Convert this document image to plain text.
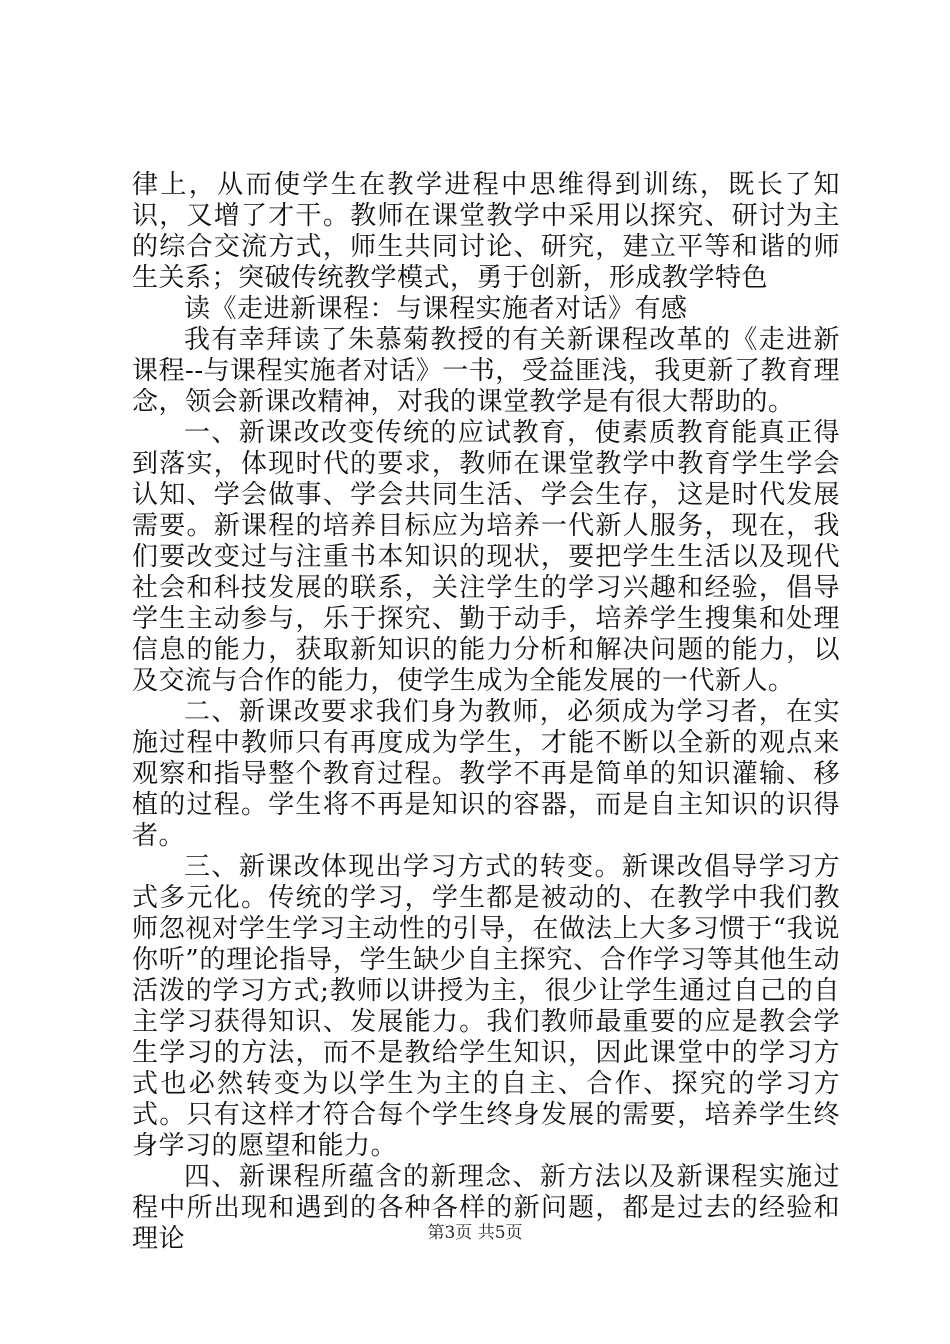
律上，从而使学生在教学进程中思维得到训练，既长了知识，又增了才干。教师在课堂教学中采用以探究、研讨为主的综合交流方式，师生共同讨论、研究，建立平等和谐的师生关系；突破传统教学模式，勇于创新，形成教学特色

读《走进新课程：与课程实施者对话》有感

我有幸拜读了朱慕菊教授的有关新课程改革的《走进新课程--与课程实施者对话》一书，受益匪浅，我更新了教育理念，领会新课改精神，对我的课堂教学是有很大帮助的。

一、新课改改变传统的应试教育，使素质教育能真正得到落实，体现时代的要求，教师在课堂教学中教育学生学会认知、学会做事、学会共同生活、学会生存，这是时代发展需要。新课程的培养目标应为培养一代新人服务，现在，我们要改变过与注重书本知识的现状，要把学生生活以及现代社会和科技发展的联系，关注学生的学习兴趣和经验，倡导学生主动参与，乐于探究、勤于动手，培养学生搜集和处理信息的能力，获取新知识的能力分析和解决问题的能力，以及交流与合作的能力，使学生成为全能发展的一代新人。

二、新课改要求我们身为教师，必须成为学习者，在实施过程中教师只有再度成为学生，才能不断以全新的观点来观察和指导整个教育过程。教学不再是简单的知识灌输、移植的过程。学生将不再是知识的容器，而是自主知识的识得者。

三、新课改体现出学习方式的转变。新课改倡导学习方式多元化。传统的学习，学生都是被动的、在教学中我们教师忽视对学生学习主动性的引导，在做法上大多习惯于“我说你听”的理论指导，学生缺少自主探究、合作学习等其他生动活泼的学习方式;教师以讲授为主，很少让学生通过自己的自主学习获得知识、发展能力。我们教师最重要的应是教会学生学习的方法，而不是教给学生知识，因此课堂中的学习方式也必然转变为以学生为主的自主、合作、探究的学习方式。只有这样才符合每个学生终身发展的需要，培养学生终身学习的愿望和能力。

四、新课程所蕴含的新理念、新方法以及新课程实施过程中所出现和遇到的各种各样的新问题，都是过去的经验和理论	第3页 共5页
